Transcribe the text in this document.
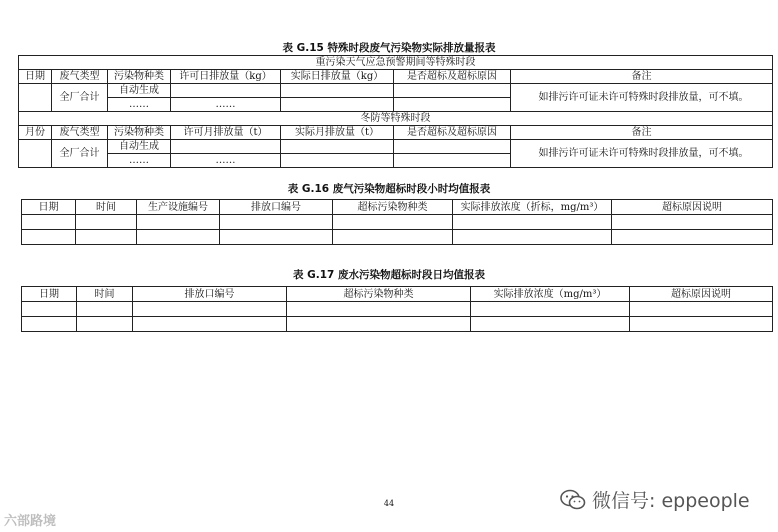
表 G.15 特殊时段废气污染物实际排放量报表
重污染天气应急预警期间等特殊时段						
日期	废气类型	污染物种类	许可日排放量（kg）	实际日排放量（kg）	是否超标及超标原因	备注
	全厂合计	自动生成				如排污许可证未许可特殊时段排放量，可不填。
		……	……			
冬防等特殊时段						
月份	废气类型	污染物种类	许可月排放量（t）	实际月排放量（t）	是否超标及超标原因	备注
	全厂合计	自动生成				如排污许可证未许可特殊时段排放量，可不填。
		……	……			
表 G.16 废气污染物超标时段小时均值报表
日期	时间	生产设施编号	排放口编号	超标污染物种类	实际排放浓度（折标，mg/m³）	超标原因说明

表 G.17 废水污染物超标时段日均值报表
日期	时间	排放口编号	超标污染物种类	实际排放浓度（mg/m³）	超标原因说明

44
六部路境
微信号: eppeople
